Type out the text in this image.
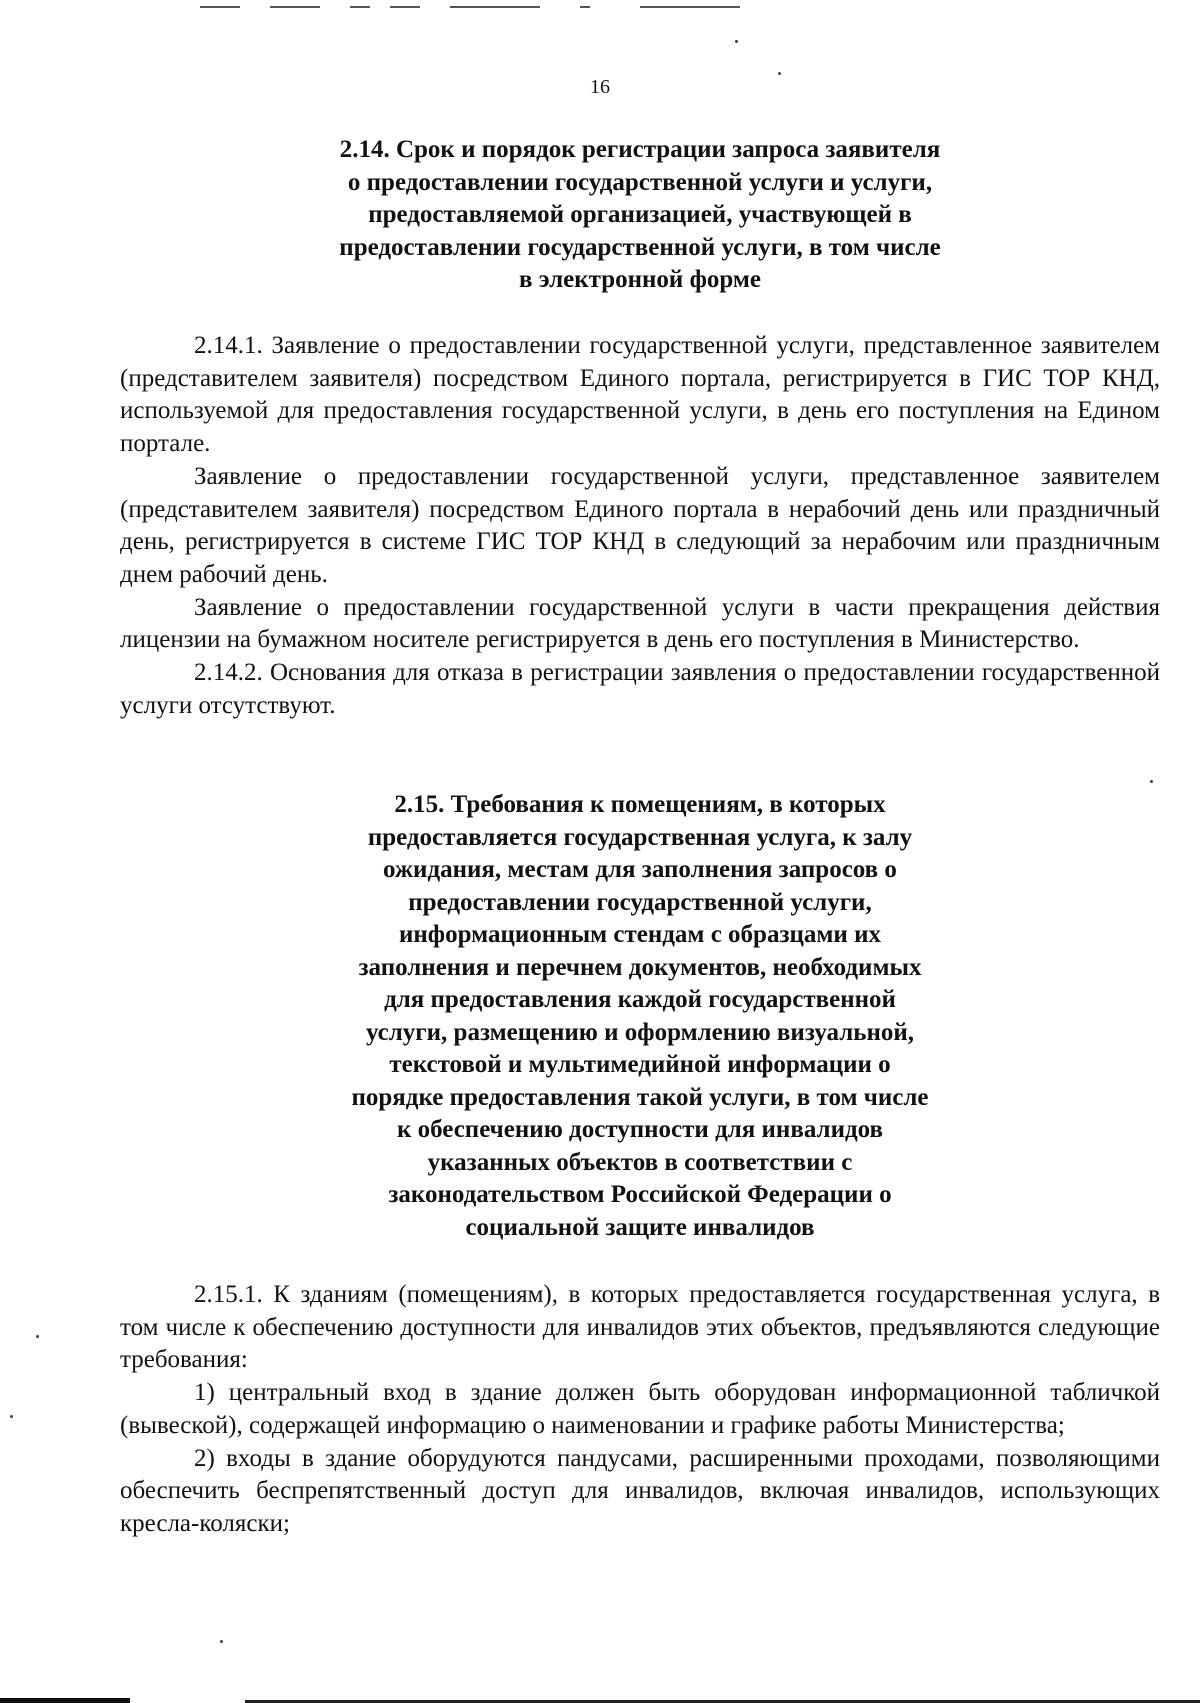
16
2.14. Срок и порядок регистрации запроса заявителя
о предоставлении государственной услуги и услуги,
предоставляемой организацией, участвующей в
предоставлении государственной услуги, в том числе
в электронной форме

2.14.1. Заявление о предоставлении государственной услуги, представленное заявителем (представителем заявителя) посредством Единого портала, регистрируется в ГИС ТОР КНД, используемой для предоставления государственной услуги, в день его поступления на Едином портале.

Заявление о предоставлении государственной услуги, представленное заявителем (представителем заявителя) посредством Единого портала в нерабочий день или праздничный день, регистрируется в системе ГИС ТОР КНД в следующий за нерабочим или праздничным днем рабочий день.

Заявление о предоставлении государственной услуги в части прекращения действия лицензии на бумажном носителе регистрируется в день его поступления в Министерство.

2.14.2. Основания для отказа в регистрации заявления о предоставлении государственной услуги отсутствуют.

2.15. Требования к помещениям, в которых
предоставляется государственная услуга, к залу
ожидания, местам для заполнения запросов о
предоставлении государственной услуги,
информационным стендам с образцами их
заполнения и перечнем документов, необходимых
для предоставления каждой государственной
услуги, размещению и оформлению визуальной,
текстовой и мультимедийной информации о
порядке предоставления такой услуги, в том числе
к обеспечению доступности для инвалидов
указанных объектов в соответствии с
законодательством Российской Федерации о
социальной защите инвалидов

2.15.1. К зданиям (помещениям), в которых предоставляется государственная услуга, в том числе к обеспечению доступности для инвалидов этих объектов, предъявляются следующие требования:

1) центральный вход в здание должен быть оборудован информационной табличкой (вывеской), содержащей информацию о наименовании и графике работы Министерства;

2) входы в здание оборудуются пандусами, расширенными проходами, позволяющими обеспечить беспрепятственный доступ для инвалидов, включая инвалидов, использующих кресла-коляски;
